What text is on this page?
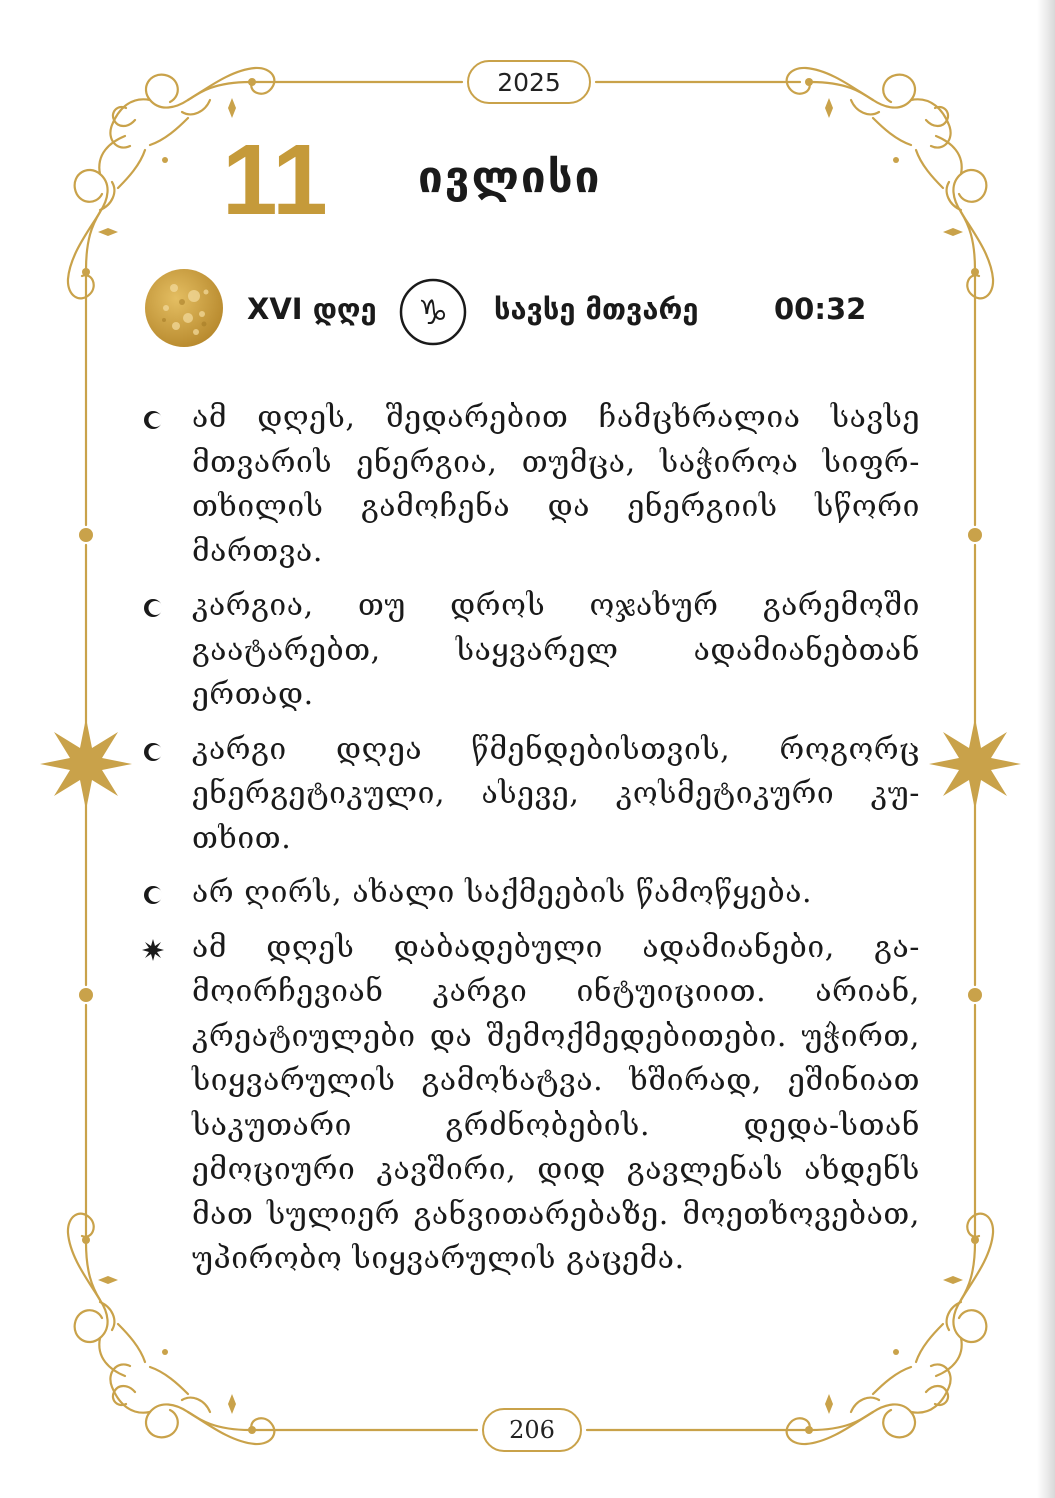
2025
11 ივლისი
XVI დღე ♑ სავსე მთვარე	00:32
ამ დღეს, შედარებით ჩამცხრალია სავსე მთვარის ენერგია, თუმცა, საჭიროა სიფრ-თხილის გამოჩენა და ენერგიის სწორი მართვა.
კარგია, თუ დროს ოჯახურ გარემოში გაატარებთ, საყვარელ ადამიანებთან ერთად.
კარგი დღეა წმენდებისთვის, როგორც ენერგეტიკული, ასევე, კოსმეტიკური კუ-თხით.
არ ღირს, ახალი საქმეების წამოწყება.
ამ დღეს დაბადებული ადამიანები, გა-მოირჩევიან კარგი ინტუიციით. არიან, კრეატიულები და შემოქმედებითები. უჭირთ, სიყვარულის გამოხატვა. ხშირად, ეშინიათ საკუთარი გრძნობების. დედა-სთან ემოციური კავშირი, დიდ გავლენას ახდენს მათ სულიერ განვითარებაზე. მოეთხოვებათ, უპირობო სიყვარულის გაცემა.
206
